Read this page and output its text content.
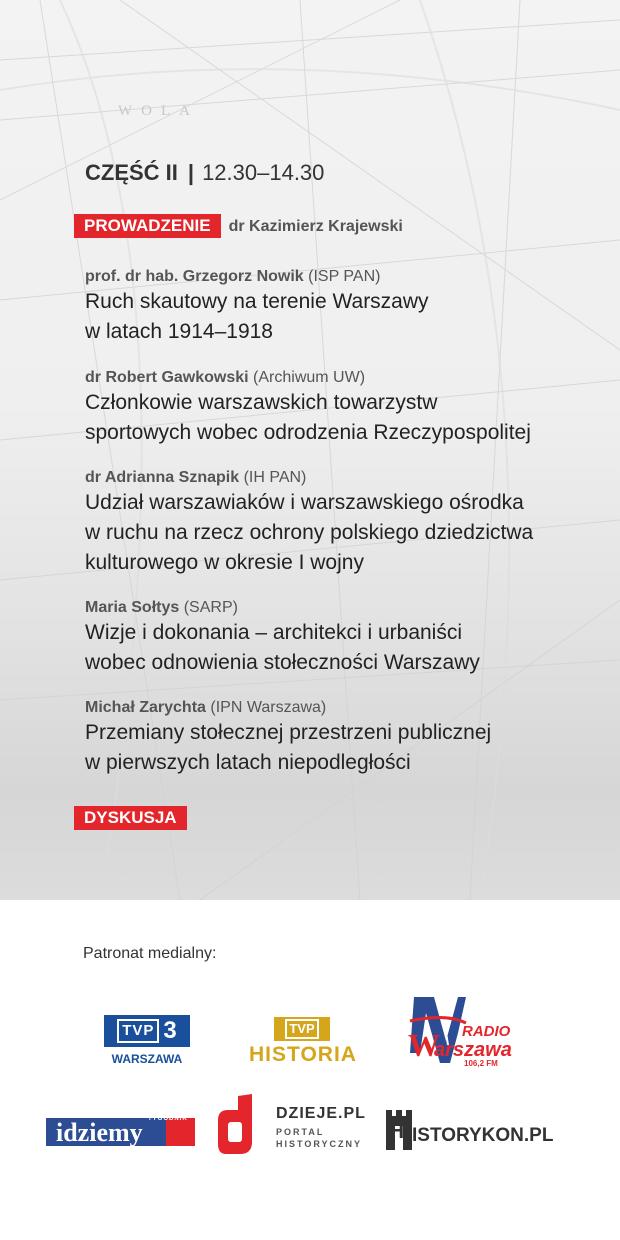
WOLA
CZĘŚĆ II | 12.30–14.30
PROWADZENIE dr Kazimierz Krajewski
prof. dr hab. Grzegorz Nowik (ISP PAN)
Ruch skautowy na terenie Warszawy
w latach 1914–1918
dr Robert Gawkowski (Archiwum UW)
Członkowie warszawskich towarzystw
sportowych wobec odrodzenia Rzeczypospolitej
dr Adrianna Sznapik (IH PAN)
Udział warszawiaków i warszawskiego ośrodka
w ruchu na rzecz ochrony polskiego dziedzictwa
kulturowego w okresie I wojny
Maria Sołtys (SARP)
Wizje i dokonania – architekci i urbaniści
wobec odnowienia stołeczności Warszawy
Michał Zarychta (IPN Warszawa)
Przemiany stołecznej przestrzeni publicznej
w pierwszych latach niepodległości
DYSKUSJA
Patronat medialny:
TVP 3
WARSZAWA
TVP
HISTORIA W RADIO
arszawa
106,2 FM
TYGODNIK
idziemy
DZIEJE.PL
PORTAL
HISTORYCZNY
H ISTORYKON.PL
